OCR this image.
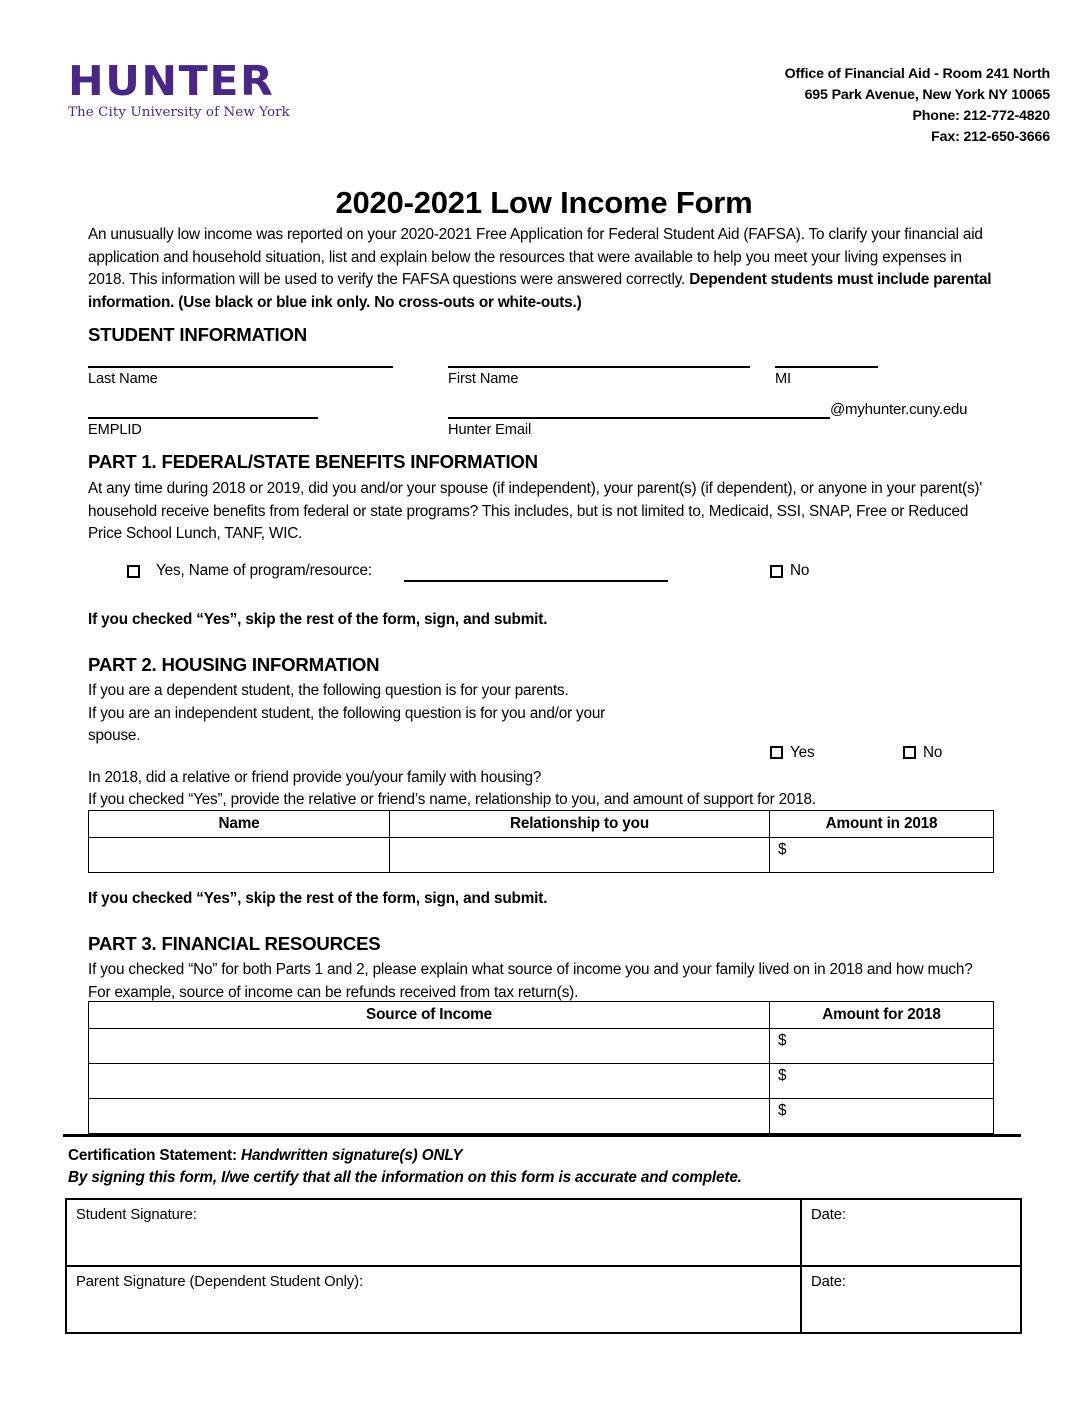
HUNTER
The City University of New York
Office of Financial Aid - Room 241 North
695 Park Avenue, New York NY 10065
Phone: 212-772-4820
Fax: 212-650-3666
2020-2021 Low Income Form
An unusually low income was reported on your 2020-2021 Free Application for Federal Student Aid (FAFSA). To clarify your financial aid application and household situation, list and explain below the resources that were available to help you meet your living expenses in 2018. This information will be used to verify the FAFSA questions were answered correctly. Dependent students must include parental information. (Use black or blue ink only. No cross-outs or white-outs.)
STUDENT INFORMATION
Last Name	First Name	MI
@myhunter.cuny.edu
EMPLID	Hunter Email
PART 1. FEDERAL/STATE BENEFITS INFORMATION
At any time during 2018 or 2019, did you and/or your spouse (if independent), your parent(s) (if dependent), or anyone in your parent(s)' household receive benefits from federal or state programs? This includes, but is not limited to, Medicaid, SSI, SNAP, Free or Reduced Price School Lunch, TANF, WIC.
Yes, Name of program/resource:	No
If you checked “Yes”, skip the rest of the form, sign, and submit.
PART 2. HOUSING INFORMATION
If you are a dependent student, the following question is for your parents.
If you are an independent student, the following question is for you and/or your
spouse.
Yes	No
In 2018, did a relative or friend provide you/your family with housing?
If you checked “Yes”, provide the relative or friend’s name, relationship to you, and amount of support for 2018.
Name	Relationship to you	Amount in 2018

		$
If you checked “Yes”, skip the rest of the form, sign, and submit.
PART 3. FINANCIAL RESOURCES
If you checked “No” for both Parts 1 and 2, please explain what source of income you and your family lived on in 2018 and how much? For example, source of income can be refunds received from tax return(s).
Source of Income	Amount for 2018

	$

	$

	$
Certification Statement: Handwritten signature(s) ONLY
By signing this form, I/we certify that all the information on this form is accurate and complete.
Student Signature:	Date:
Parent Signature (Dependent Student Only):	Date:
